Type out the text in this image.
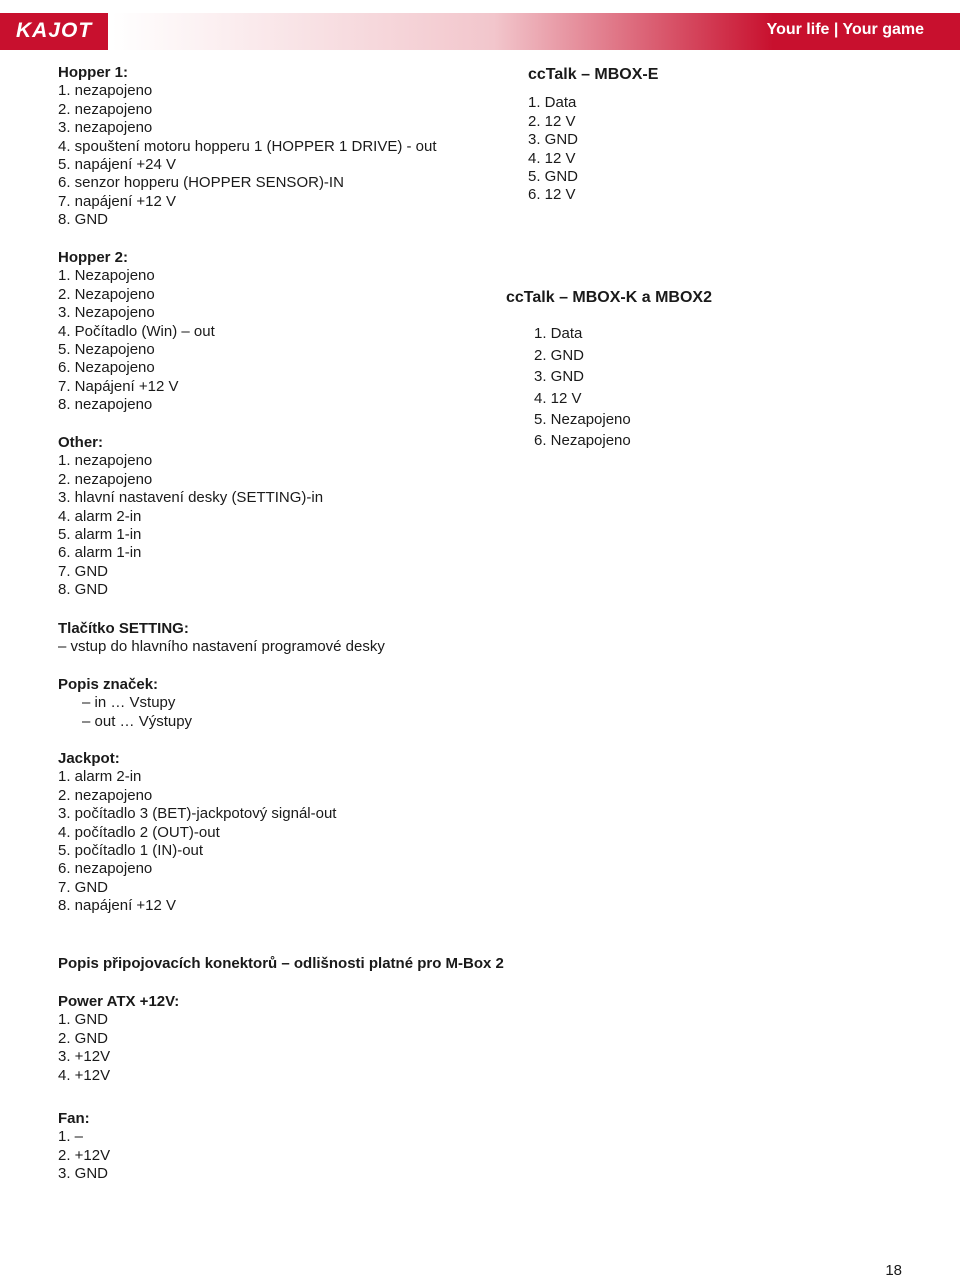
KAJOT	Your life | Your game
Hopper 1:
1. nezapojeno
2. nezapojeno
3. nezapojeno
4. spouštení motoru hopperu 1 (HOPPER 1 DRIVE) - out
5. napájení +24 V
6. senzor hopperu (HOPPER SENSOR)-IN
7. napájení +12 V
8. GND
Hopper 2:
1. Nezapojeno
2. Nezapojeno
3. Nezapojeno
4. Počítadlo (Win) – out
5. Nezapojeno
6. Nezapojeno
7. Napájení +12 V
8. nezapojeno
Other:
1. nezapojeno
2. nezapojeno
3. hlavní nastavení desky (SETTING)-in
4. alarm 2-in
5. alarm 1-in
6. alarm 1-in
7. GND
8. GND
Tlačítko SETTING:
– vstup do hlavního nastavení programové desky
Popis značek:
– in … Vstupy
– out … Výstupy
Jackpot:
1. alarm 2-in
2. nezapojeno
3. počítadlo 3 (BET)-jackpotový signál-out
4. počítadlo 2 (OUT)-out
5. počítadlo 1 (IN)-out
6. nezapojeno
7. GND
8. napájení +12 V
Popis připojovacích konektorů – odlišnosti platné pro M-Box 2
Power ATX +12V:
1. GND
2. GND
3. +12V
4. +12V
Fan:
1. –
2. +12V
3. GND
ccTalk – MBOX-E
1. Data
2. 12 V
3. GND
4. 12 V
5. GND
6. 12 V
ccTalk – MBOX-K a MBOX2
1. Data
2. GND
3. GND
4. 12 V
5. Nezapojeno
6. Nezapojeno
18
